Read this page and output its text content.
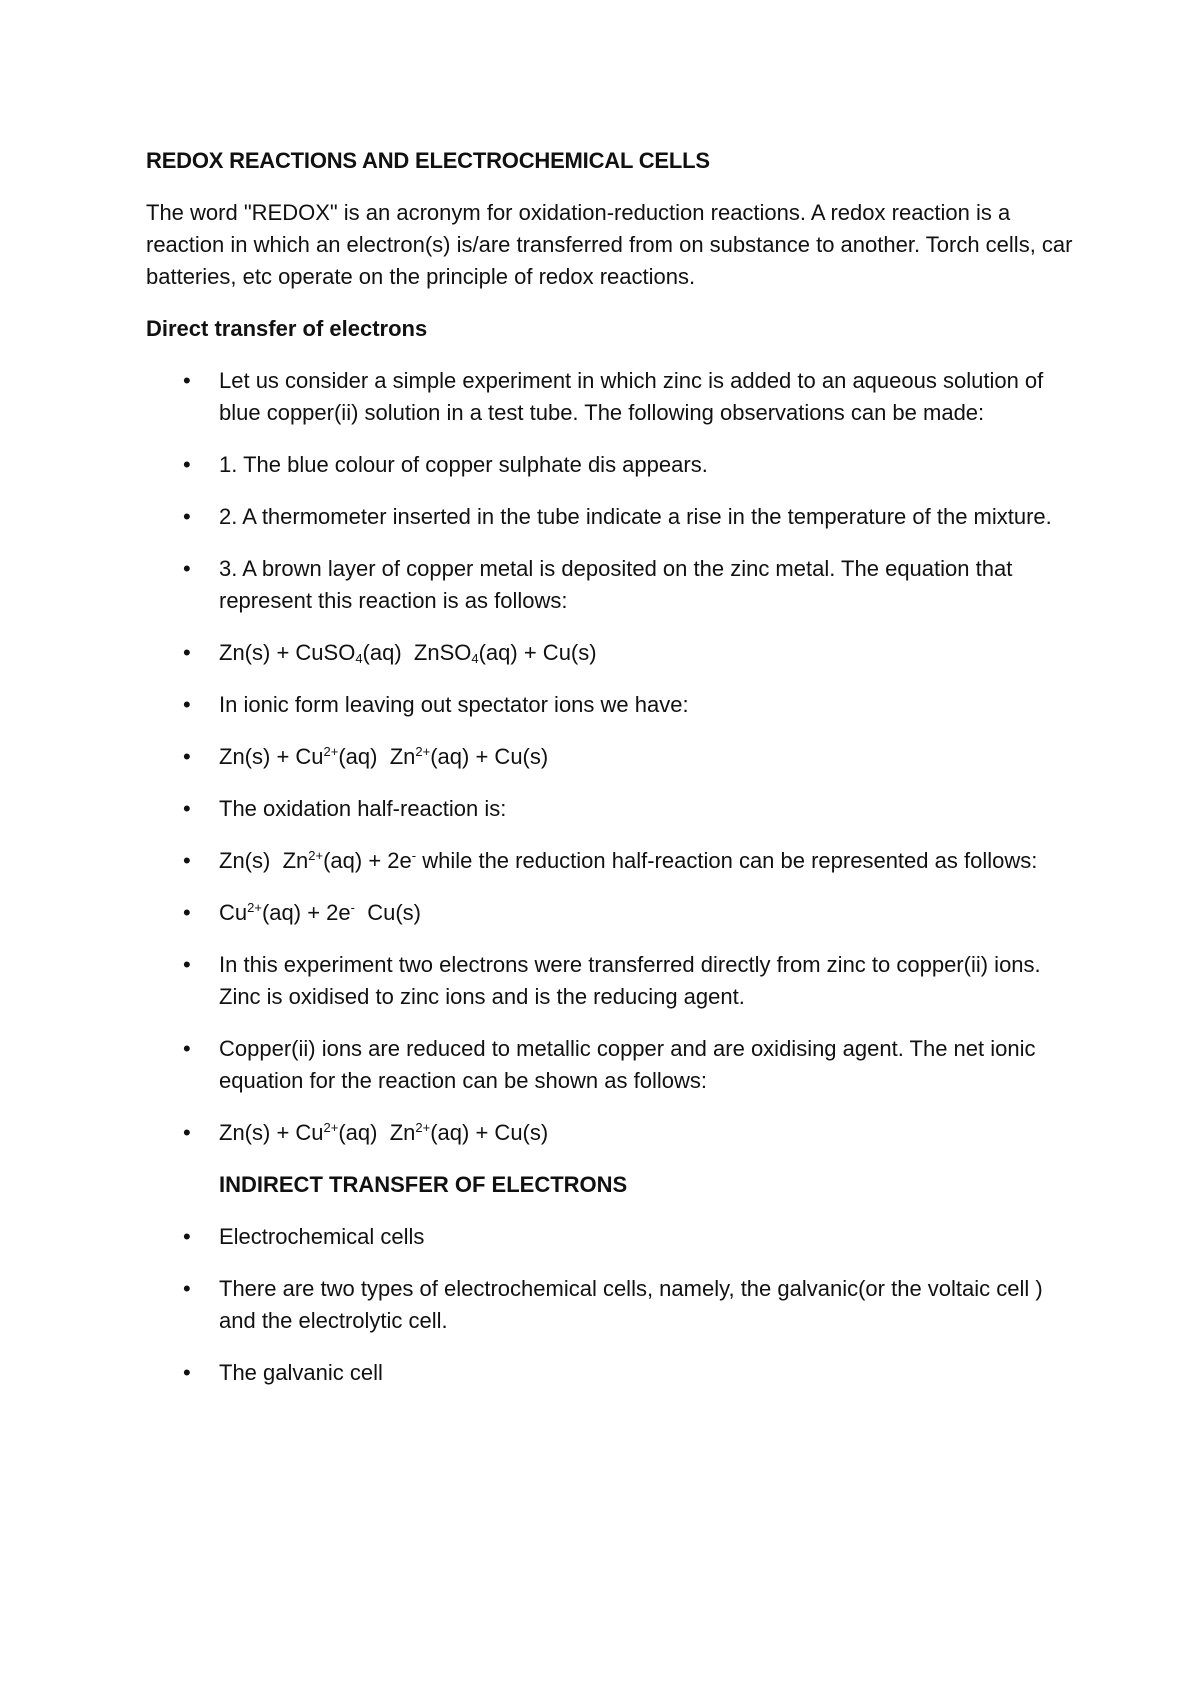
REDOX REACTIONS AND ELECTROCHEMICAL CELLS
The word "REDOX" is an acronym for oxidation-reduction reactions. A redox reaction is a reaction in which an electron(s) is/are transferred from on substance to another. Torch cells, car batteries, etc operate on the principle of redox reactions.
Direct transfer of electrons
• Let us consider a simple experiment in which zinc is added to an aqueous solution of blue copper(ii) solution in a test tube. The following observations can be made:
• 1. The blue colour of copper sulphate dis appears.
• 2. A thermometer inserted in the tube indicate a rise in the temperature of the mixture.
• 3. A brown layer of copper metal is deposited on the zinc metal. The equation that represent this reaction is as follows:
• Zn(s) + CuSO$_4$(aq)  ZnSO$_4$(aq) + Cu(s)
• In ionic form leaving out spectator ions we have:
• $Zn(s) + Cu^{2+}(aq) Zn^{2+}(aq) + Cu(s)$
• The oxidation half-reaction is:
• Zn(s)  $Zn^{2+}(aq) + 2e^-$ while the reduction half-reaction can be represented as follows:
• $Cu^{2+}(aq) + 2e^-$  Cu(s)
• In this experiment two electrons were transferred directly from zinc to copper(ii) ions. Zinc is oxidised to zinc ions and is the reducing agent.
• Copper(ii) ions are reduced to metallic copper and are oxidising agent. The net ionic equation for the reaction can be shown as follows:
• $Zn(s) + Cu^{2+}(aq) Zn^{2+}(aq) + Cu(s)$
INDIRECT TRANSFER OF ELECTRONS
• Electrochemical cells
• There are two types of electrochemical cells, namely, the galvanic(or the voltaic cell ) and the electrolytic cell.
• The galvanic cell
